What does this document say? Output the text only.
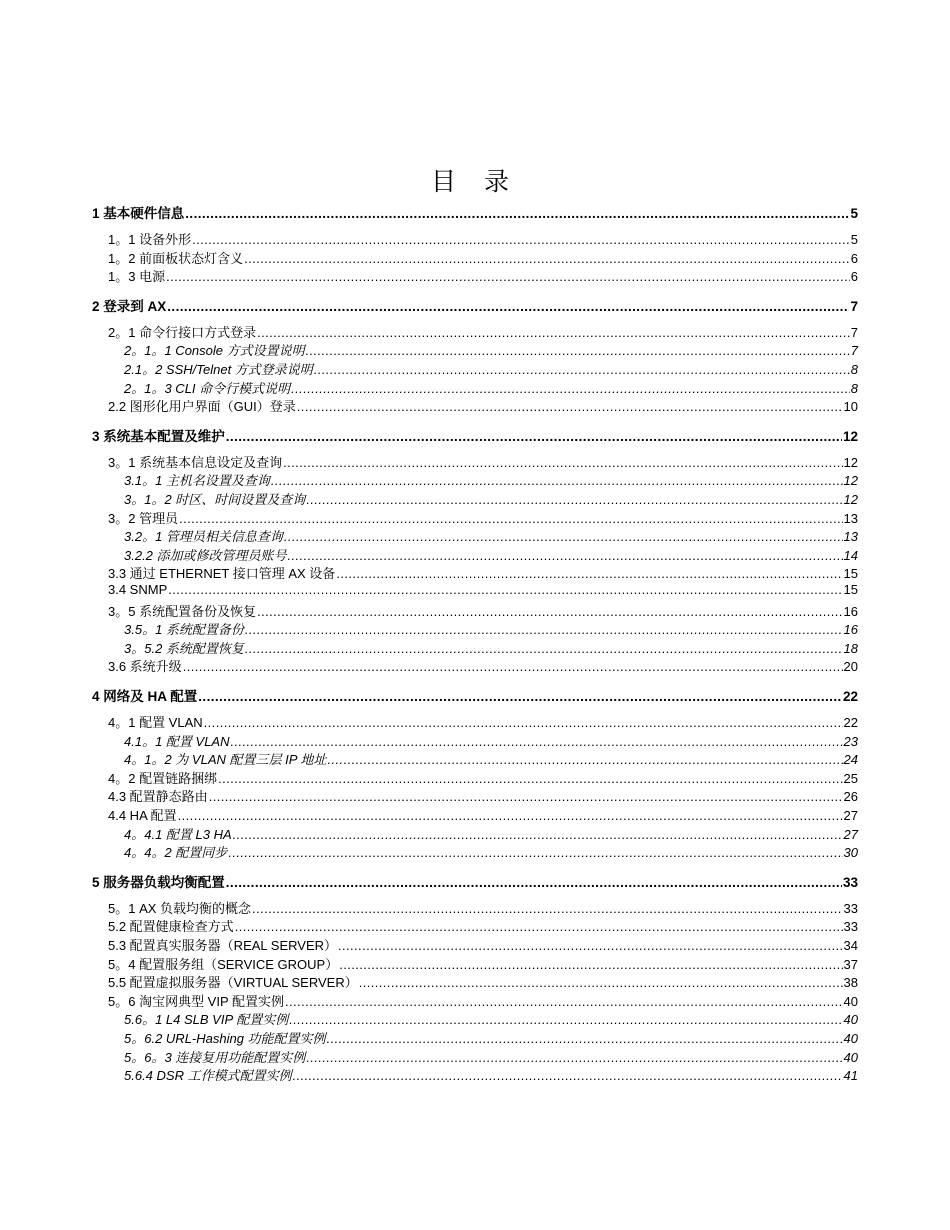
目 录
1 基本硬件信息 .....	5
1。1 设备外形 .....	5
1。2 前面板状态灯含义 .....	6
1。3 电源 .....	6
2 登录到 AX .....	7
2。1 命令行接口方式登录 .....	7
2。1。1 Console 方式设置说明 .....	7
2.1。2 SSH/Telnet 方式登录说明 .....	8
2。1。3 CLI 命令行模式说明 .....	8
2.2 图形化用户界面（GUI）登录 .....	10
3 系统基本配置及维护 .....	12
3。1 系统基本信息设定及查询 .....	12
3.1。1 主机名设置及查询 .....	12
3。1。2 时区、时间设置及查询 .....	12
3。2 管理员 .....	13
3.2。1 管理员相关信息查询 .....	13
3.2.2 添加或修改管理员账号 .....	14
3.3 通过 ETHERNET 接口管理 AX 设备 .....	15
3.4 SNMP .....	15
3。5 系统配置备份及恢复 .....	16
3.5。1 系统配置备份 .....	16
3。5.2 系统配置恢复 .....	18
3.6 系统升级 .....	20
4 网络及 HA 配置 .....	22
4。1 配置 VLAN .....	22
4.1。1 配置 VLAN .....	23
4。1。2 为 VLAN 配置三层 IP 地址 .....	24
4。2 配置链路捆绑 .....	25
4.3 配置静态路由 .....	26
4.4 HA 配置 .....	27
4。4.1 配置 L3 HA .....	27
4。4。2 配置同步 .....	30
5 服务器负载均衡配置 .....	33
5。1 AX 负载均衡的概念 .....	33
5.2 配置健康检查方式 .....	33
5.3 配置真实服务器（REAL SERVER） .....	34
5。4 配置服务组（SERVICE GROUP） .....	37
5.5 配置虚拟服务器（VIRTUAL SERVER） .....	38
5。6 淘宝网典型 VIP 配置实例 .....	40
5.6。1 L4 SLB VIP 配置实例 .....	40
5。6.2 URL-Hashing 功能配置实例 .....	40
5。6。3 连接复用功能配置实例 .....	40
5.6.4 DSR 工作模式配置实例 .....	41
